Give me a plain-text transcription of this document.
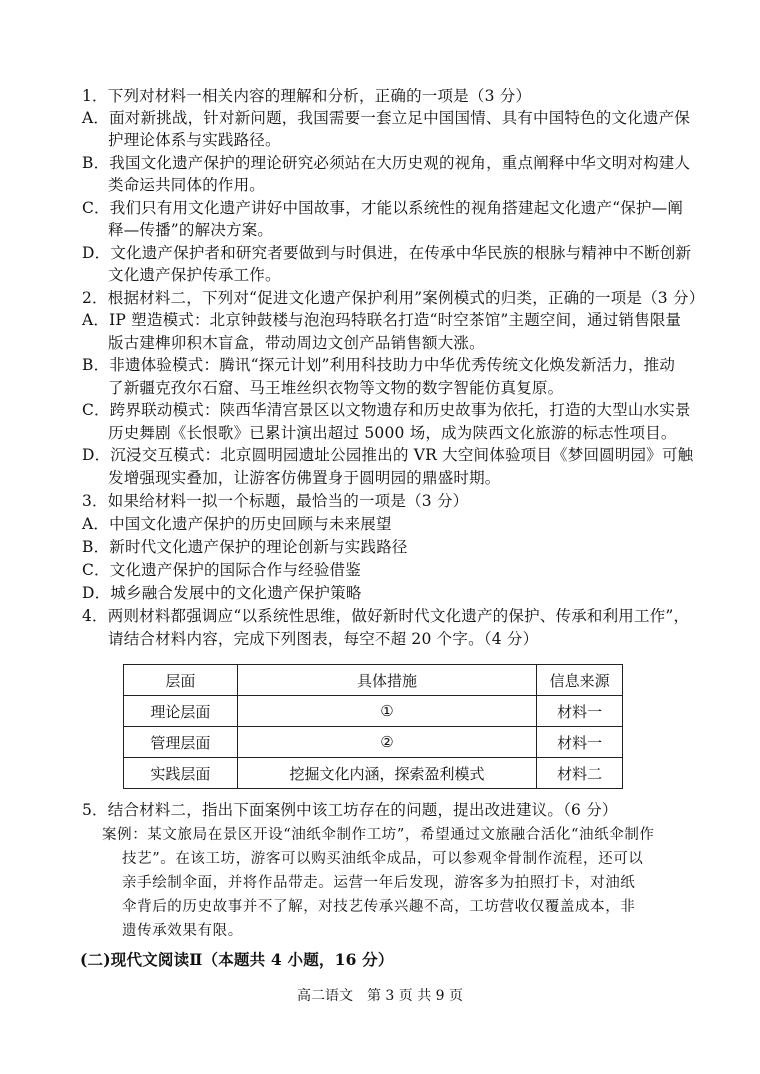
1．下列对材料一相关内容的理解和分析，正确的一项是（3 分）
A．面对新挑战，针对新问题，我国需要一套立足中国国情、具有中国特色的文化遗产保
护理论体系与实践路径。
B．我国文化遗产保护的理论研究必须站在大历史观的视角，重点阐释中华文明对构建人
类命运共同体的作用。
C．我们只有用文化遗产讲好中国故事，才能以系统性的视角搭建起文化遗产“保护—阐
释—传播”的解决方案。
D．文化遗产保护者和研究者要做到与时俱进，在传承中华民族的根脉与精神中不断创新
文化遗产保护传承工作。
2．根据材料二，下列对“促进文化遗产保护利用”案例模式的归类，正确的一项是（3 分）
A．IP 塑造模式：北京钟鼓楼与泡泡玛特联名打造“时空茶馆”主题空间，通过销售限量
版古建榫卯积木盲盒，带动周边文创产品销售额大涨。
B．非遗体验模式：腾讯“探元计划”利用科技助力中华优秀传统文化焕发新活力，推动
了新疆克孜尔石窟、马王堆丝织衣物等文物的数字智能仿真复原。
C．跨界联动模式：陕西华清宫景区以文物遗存和历史故事为依托，打造的大型山水实景
历史舞剧《长恨歌》已累计演出超过 5000 场，成为陕西文化旅游的标志性项目。
D．沉浸交互模式：北京圆明园遗址公园推出的 VR 大空间体验项目《梦回圆明园》可触
发增强现实叠加，让游客仿佛置身于圆明园的鼎盛时期。
3．如果给材料一拟一个标题，最恰当的一项是（3 分）
A．中国文化遗产保护的历史回顾与未来展望
B．新时代文化遗产保护的理论创新与实践路径
C．文化遗产保护的国际合作与经验借鉴
D．城乡融合发展中的文化遗产保护策略
4．两则材料都强调应“以系统性思维，做好新时代文化遗产的保护、传承和利用工作”，
请结合材料内容，完成下列图表，每空不超 20 个字。（4 分）
层面	具体措施	信息来源
理论层面	①	材料一
管理层面	②	材料一
实践层面	挖掘文化内涵，探索盈利模式	材料二
5．结合材料二，指出下面案例中该工坊存在的问题，提出改进建议。（6 分）
案例：某文旅局在景区开设“油纸伞制作工坊”，希望通过文旅融合活化“油纸伞制作
技艺”。在该工坊，游客可以购买油纸伞成品，可以参观伞骨制作流程，还可以
亲手绘制伞面，并将作品带走。运营一年后发现，游客多为拍照打卡，对油纸
伞背后的历史故事并不了解，对技艺传承兴趣不高，工坊营收仅覆盖成本，非
遗传承效果有限。
(二)现代文阅读Ⅱ（本题共 4 小题，16 分）
高二语文　第 3 页 共 9 页
